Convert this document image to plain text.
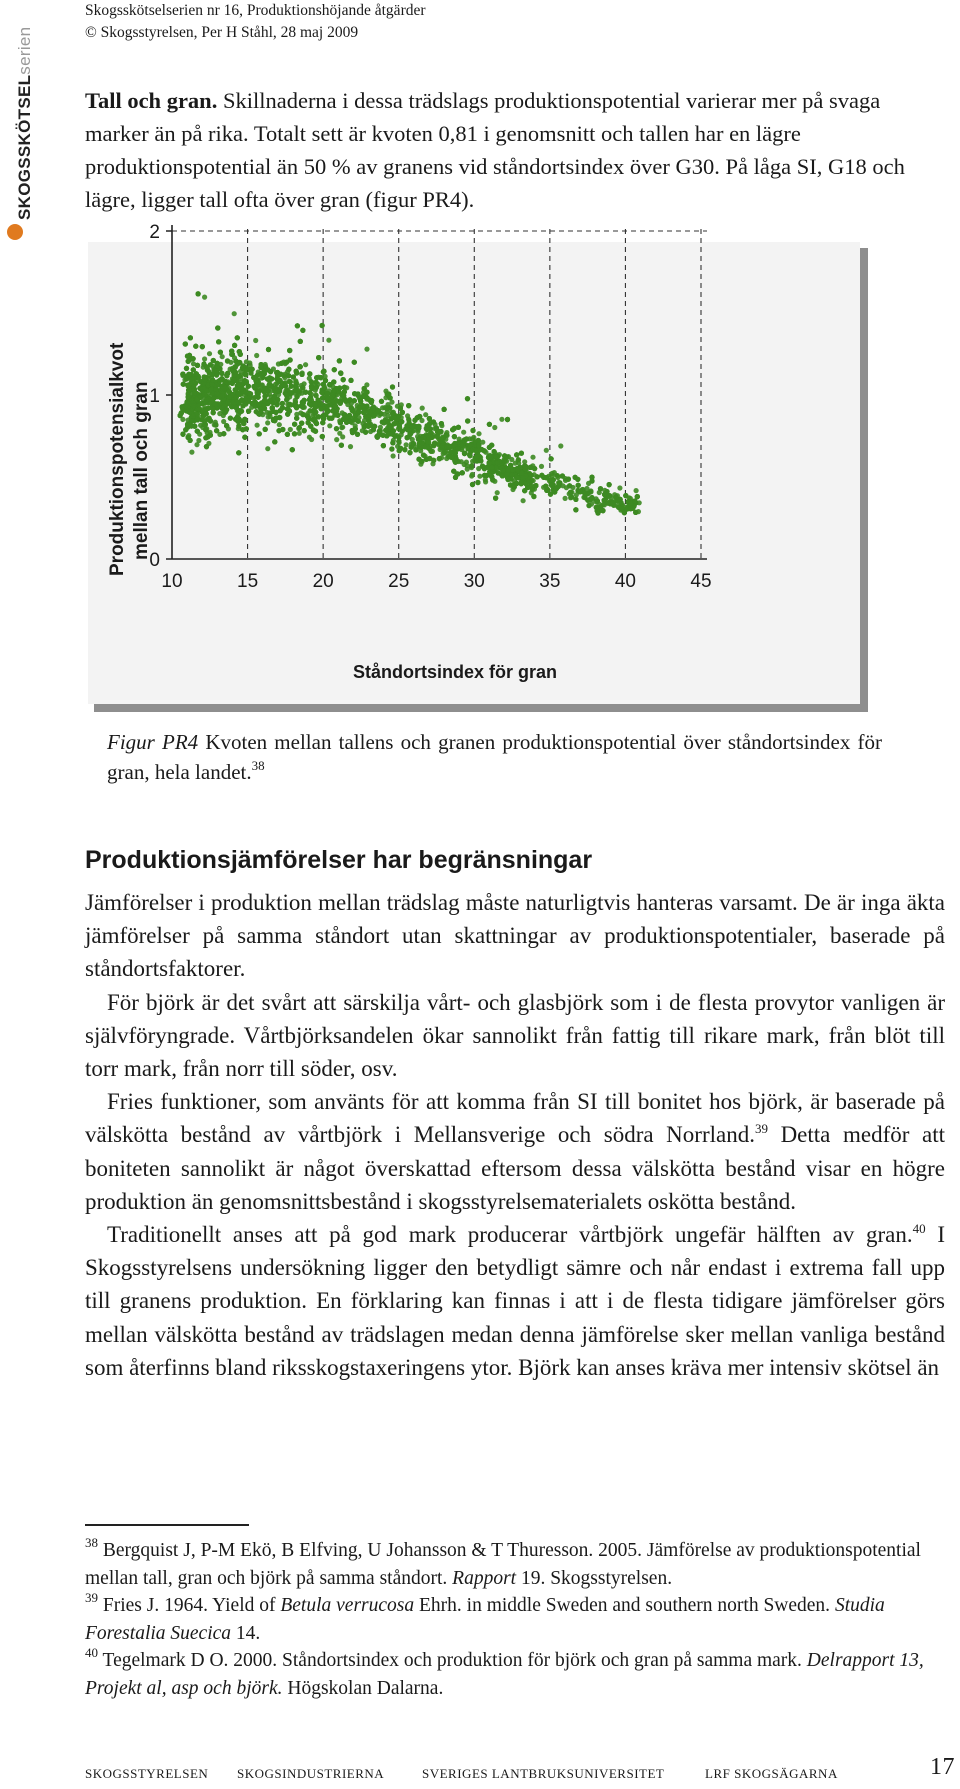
Skogsskötselserien nr 16, Produktionshöjande åtgärder
© Skogsstyrelsen, Per H Ståhl, 28 maj 2009
SKOGSSKÖTSELserien
Tall och gran. Skillnaderna i dessa trädslags produktionspotential varierar mer på svaga marker än på rika. Totalt sett är kvoten 0,81 i genomsnitt och tallen har en lägre produktionspotential än 50 % av granens vid ståndortsindex över G30. På låga SI, G18 och lägre, ligger tall ofta över gran (figur PR4).
0
1
2
10	15	20	25	30	35	40	45
Produktionspotensialkvot mellan tall och gran
Ståndortsindex för gran
Figur PR4 Kvoten mellan tallens och granen produktionspotential över ståndortsindex för gran, hela landet.$^{38}$
Produktionsjämförelser har begränsningar

Jämförelser i produktion mellan trädslag måste naturligtvis hanteras varsamt. De är inga äkta jämförelser på samma ståndort utan skattningar av produktionspotentialer, baserade på ståndortsfaktorer.

För björk är det svårt att särskilja vårt- och glasbjörk som i de flesta provytor vanligen är självföryngrade. Vårtbjörksandelen ökar sannolikt från fattig till rikare mark, från blöt till torr mark, från norr till söder, osv.

Fries funktioner, som använts för att komma från SI till bonitet hos björk, är baserade på välskötta bestånd av vårtbjörk i Mellansverige och södra Norrland.$^{39}$ Detta medför att boniteten sannolikt är något överskattad eftersom dessa välskötta bestånd visar en högre produktion än genomsnittsbestånd i skogsstyrelsematerialets oskötta bestånd.

Traditionellt anses att på god mark producerar vårtbjörk ungefär hälften av gran.$^{40}$ I Skogsstyrelsens undersökning ligger den betydligt sämre och når endast i extrema fall upp till granens produktion. En förklaring kan finnas i att i de flesta tidigare jämförelser görs mellan välskötta bestånd av trädslagen medan denna jämförelse sker mellan vanliga bestånd som återfinns bland riksskogstaxeringens ytor. Björk kan anses kräva mer intensiv skötsel än

$^{38}$ Bergquist J, P-M Ekö, B Elfving, U Johansson & T Thuresson. 2005. Jämförelse av produktionspotential mellan tall, gran och björk på samma ståndort. Rapport 19. Skogsstyrelsen.

$^{39}$ Fries J. 1964. Yield of Betula verrucosa Ehrh. in middle Sweden and southern north Sweden. Studia Forestalia Suecica 14.

$^{40}$ Tegelmark D O. 2000. Ståndortsindex och produktion för björk och gran på samma mark. Delrapport 13, Projekt al, asp och björk. Högskolan Dalarna.

SKOGSSTYRELSEN SKOGSINDUSTRIERNA	SVERIGES LANTBRUKSUNIVERSITET	LRF SKOGSÄGARNA	17
